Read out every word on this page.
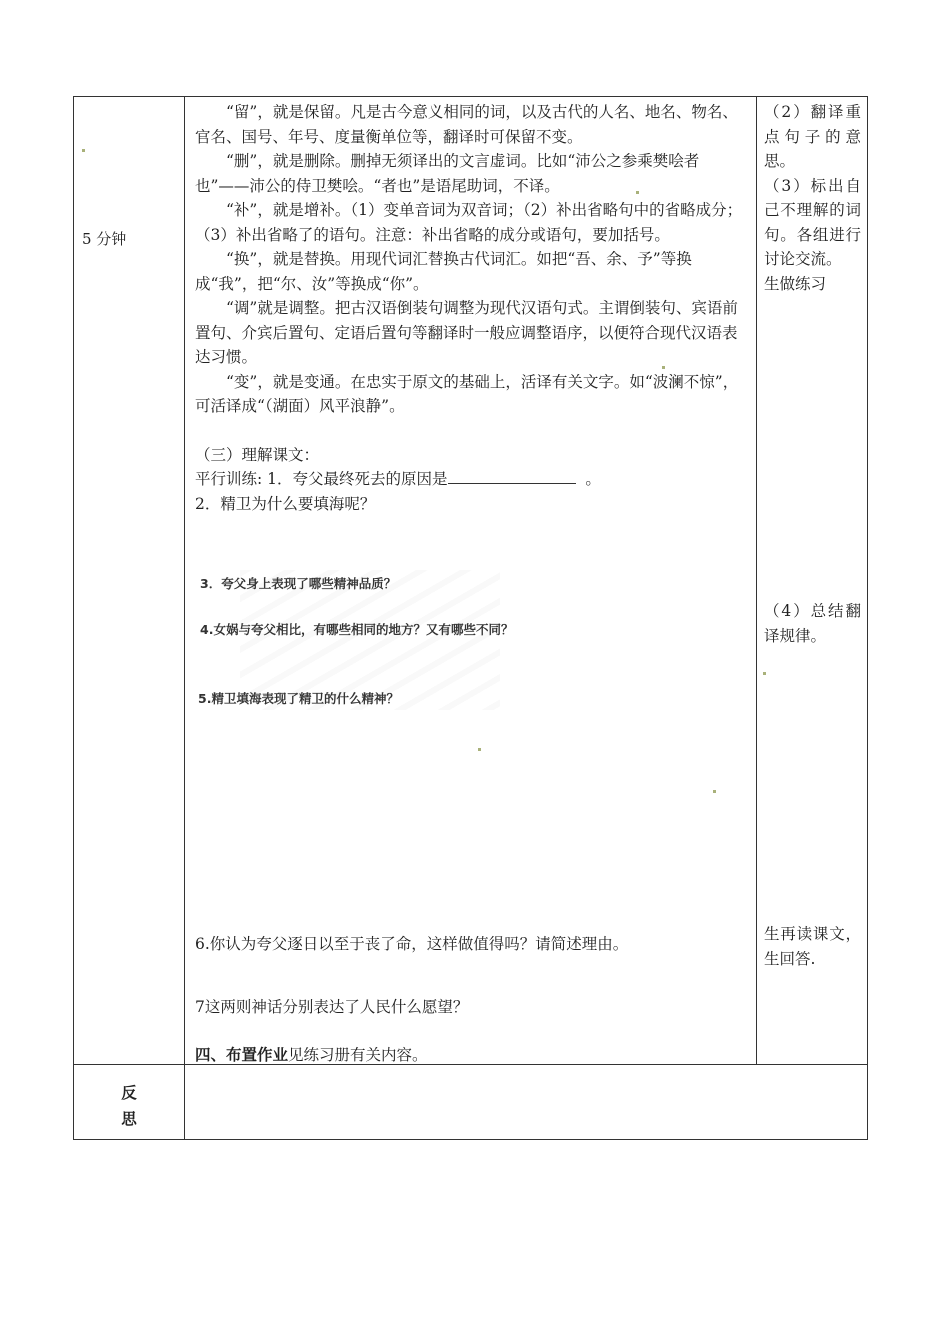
5 分钟

“留”，就是保留。凡是古今意义相同的词，以及古代的人名、地名、物名、官名、国号、年号、度量衡单位等，翻译时可保留不变。

“删”，就是删除。删掉无须译出的文言虚词。比如“沛公之参乘樊哙者也”——沛公的侍卫樊哙。“者也”是语尾助词，不译。

“补”，就是增补。（1）变单音词为双音词；（2）补出省略句中的省略成分；（3）补出省略了的语句。注意：补出省略的成分或语句，要加括号。

“换”，就是替换。用现代词汇替换古代词汇。如把“吾、余、予”等换成“我”，把“尔、汝”等换成“你”。

“调”就是调整。把古汉语倒装句调整为现代汉语句式。主谓倒装句、宾语前置句、介宾后置句、定语后置句等翻译时一般应调整语序，以便符合现代汉语表达习惯。

“变”，就是变通。在忠实于原文的基础上，活译有关文字。如“波澜不惊”，可活译成“（湖面）风平浪静”。

（三）理解课文：

平行训练: 1．夸父最终死去的原因是	。

2．精卫为什么要填海呢？

3．夸父身上表现了哪些精神品质？
4.女娲与夸父相比，有哪些相同的地方？又有哪些不同？
5.精卫填海表现了精卫的什么精神？
6.你认为夸父逐日以至于丧了命，这样做值得吗？请简述理由。
7这两则神话分别表达了人民什么愿望？
四、布置作业见练习册有关内容。

（2）翻译重点句子的意思。

（3）标出自己不理解的词句。各组进行讨论交流。

生做练习

（4）总结翻译规律。
生再读课文，生回答.
反
思
